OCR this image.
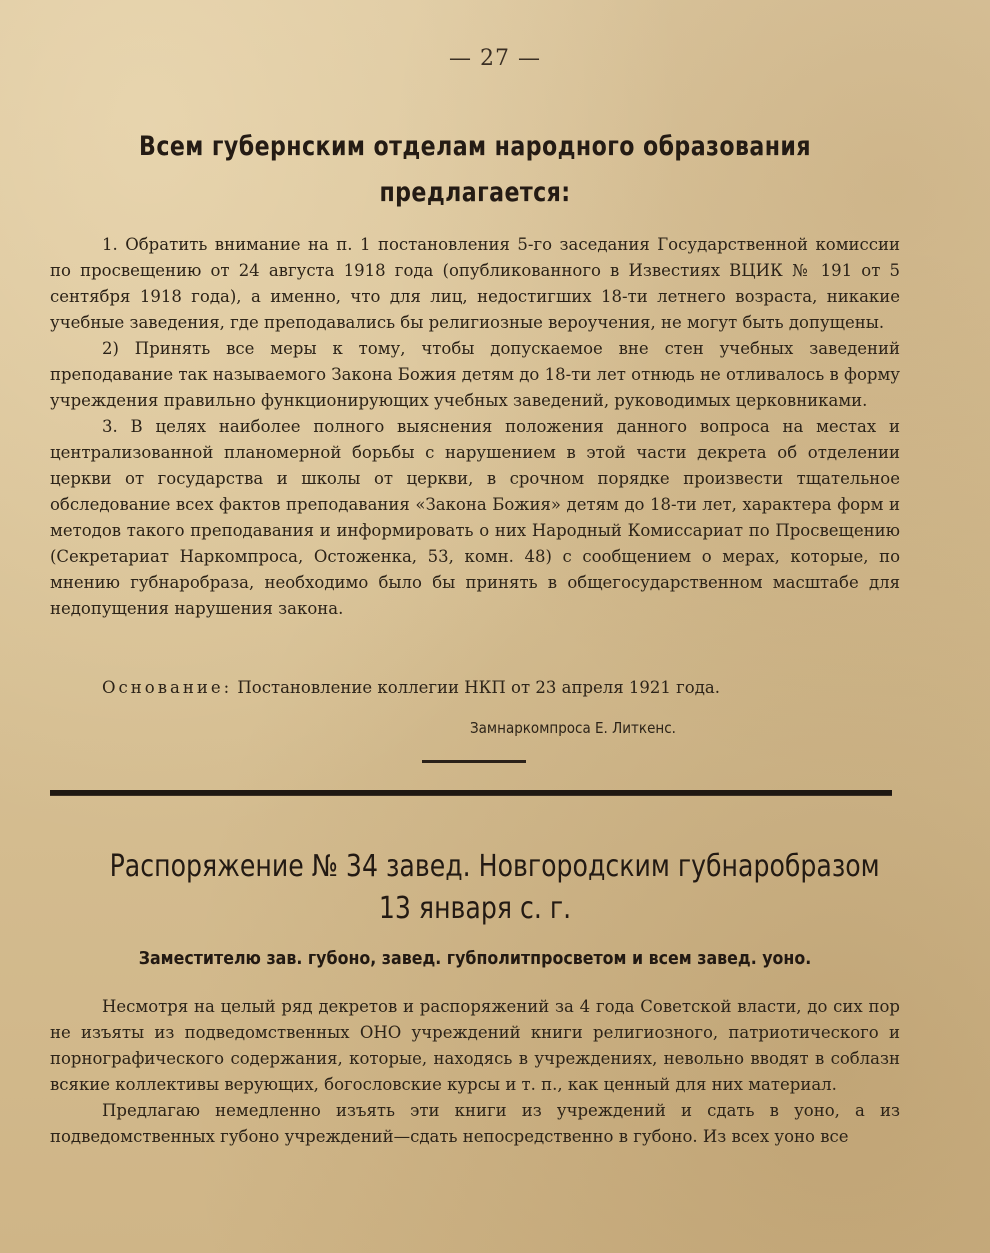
— 27 —
Всем губернским отделам народного образования
предлагается:

1. Обратить внимание на п. 1 постановления 5-го заседания Государственной комиссии по просвещению от 24 августа 1918 года (опубликованного в Известиях ВЦИК № 191 от 5 сентября 1918 года), а именно, что для лиц, недостигших 18-ти летнего возраста, никакие учебные заведения, где преподавались бы религиозные вероучения, не могут быть допущены.

2) Принять все меры к тому, чтобы допускаемое вне стен учебных заведений преподавание так называемого Закона Божия детям до 18-ти лет отнюдь не отливалось в форму учреждения правильно функционирующих учебных заведений, руководимых церковниками.

3. В целях наиболее полного выяснения положения данного вопроса на местах и централизованной планомерной борьбы с нарушением в этой части декрета об отделении церкви от государства и школы от церкви, в срочном порядке произвести тщательное обследование всех фактов преподавания «Закона Божия» детям до 18-ти лет, характера форм и методов такого преподавания и информировать о них Народный Комиссариат по Просвещению (Секретариат Наркомпроса, Остоженка, 53, комн. 48) с сообщением о мерах, которые, по мнению губнаробраза, необходимо было бы принять в общегосударственном масштабе для недопущения нарушения закона.

Основание: Постановление коллегии НКП от 23 апреля 1921 года.
Замнаркомпроса Е. Литкенс.
Распоряжение № 34 завед. Новгородским губнаробразом
13 января с. г.
Заместителю зав. губоно, завед. губполитпросветом и всем завед. уоно.

Несмотря на целый ряд декретов и распоряжений за 4 года Советской власти, до сих пор не изъяты из подведомственных ОНО учреждений книги религиозного, патриотического и порнографического содержания, которые, находясь в учреждениях, невольно вводят в соблазн всякие коллективы верующих, богословские курсы и т. п., как ценный для них материал.

Предлагаю немедленно изъять эти книги из учреждений и сдать в уоно, а из подведомственных губоно учреждений—сдать непосредственно в губоно. Из всех уоно все
